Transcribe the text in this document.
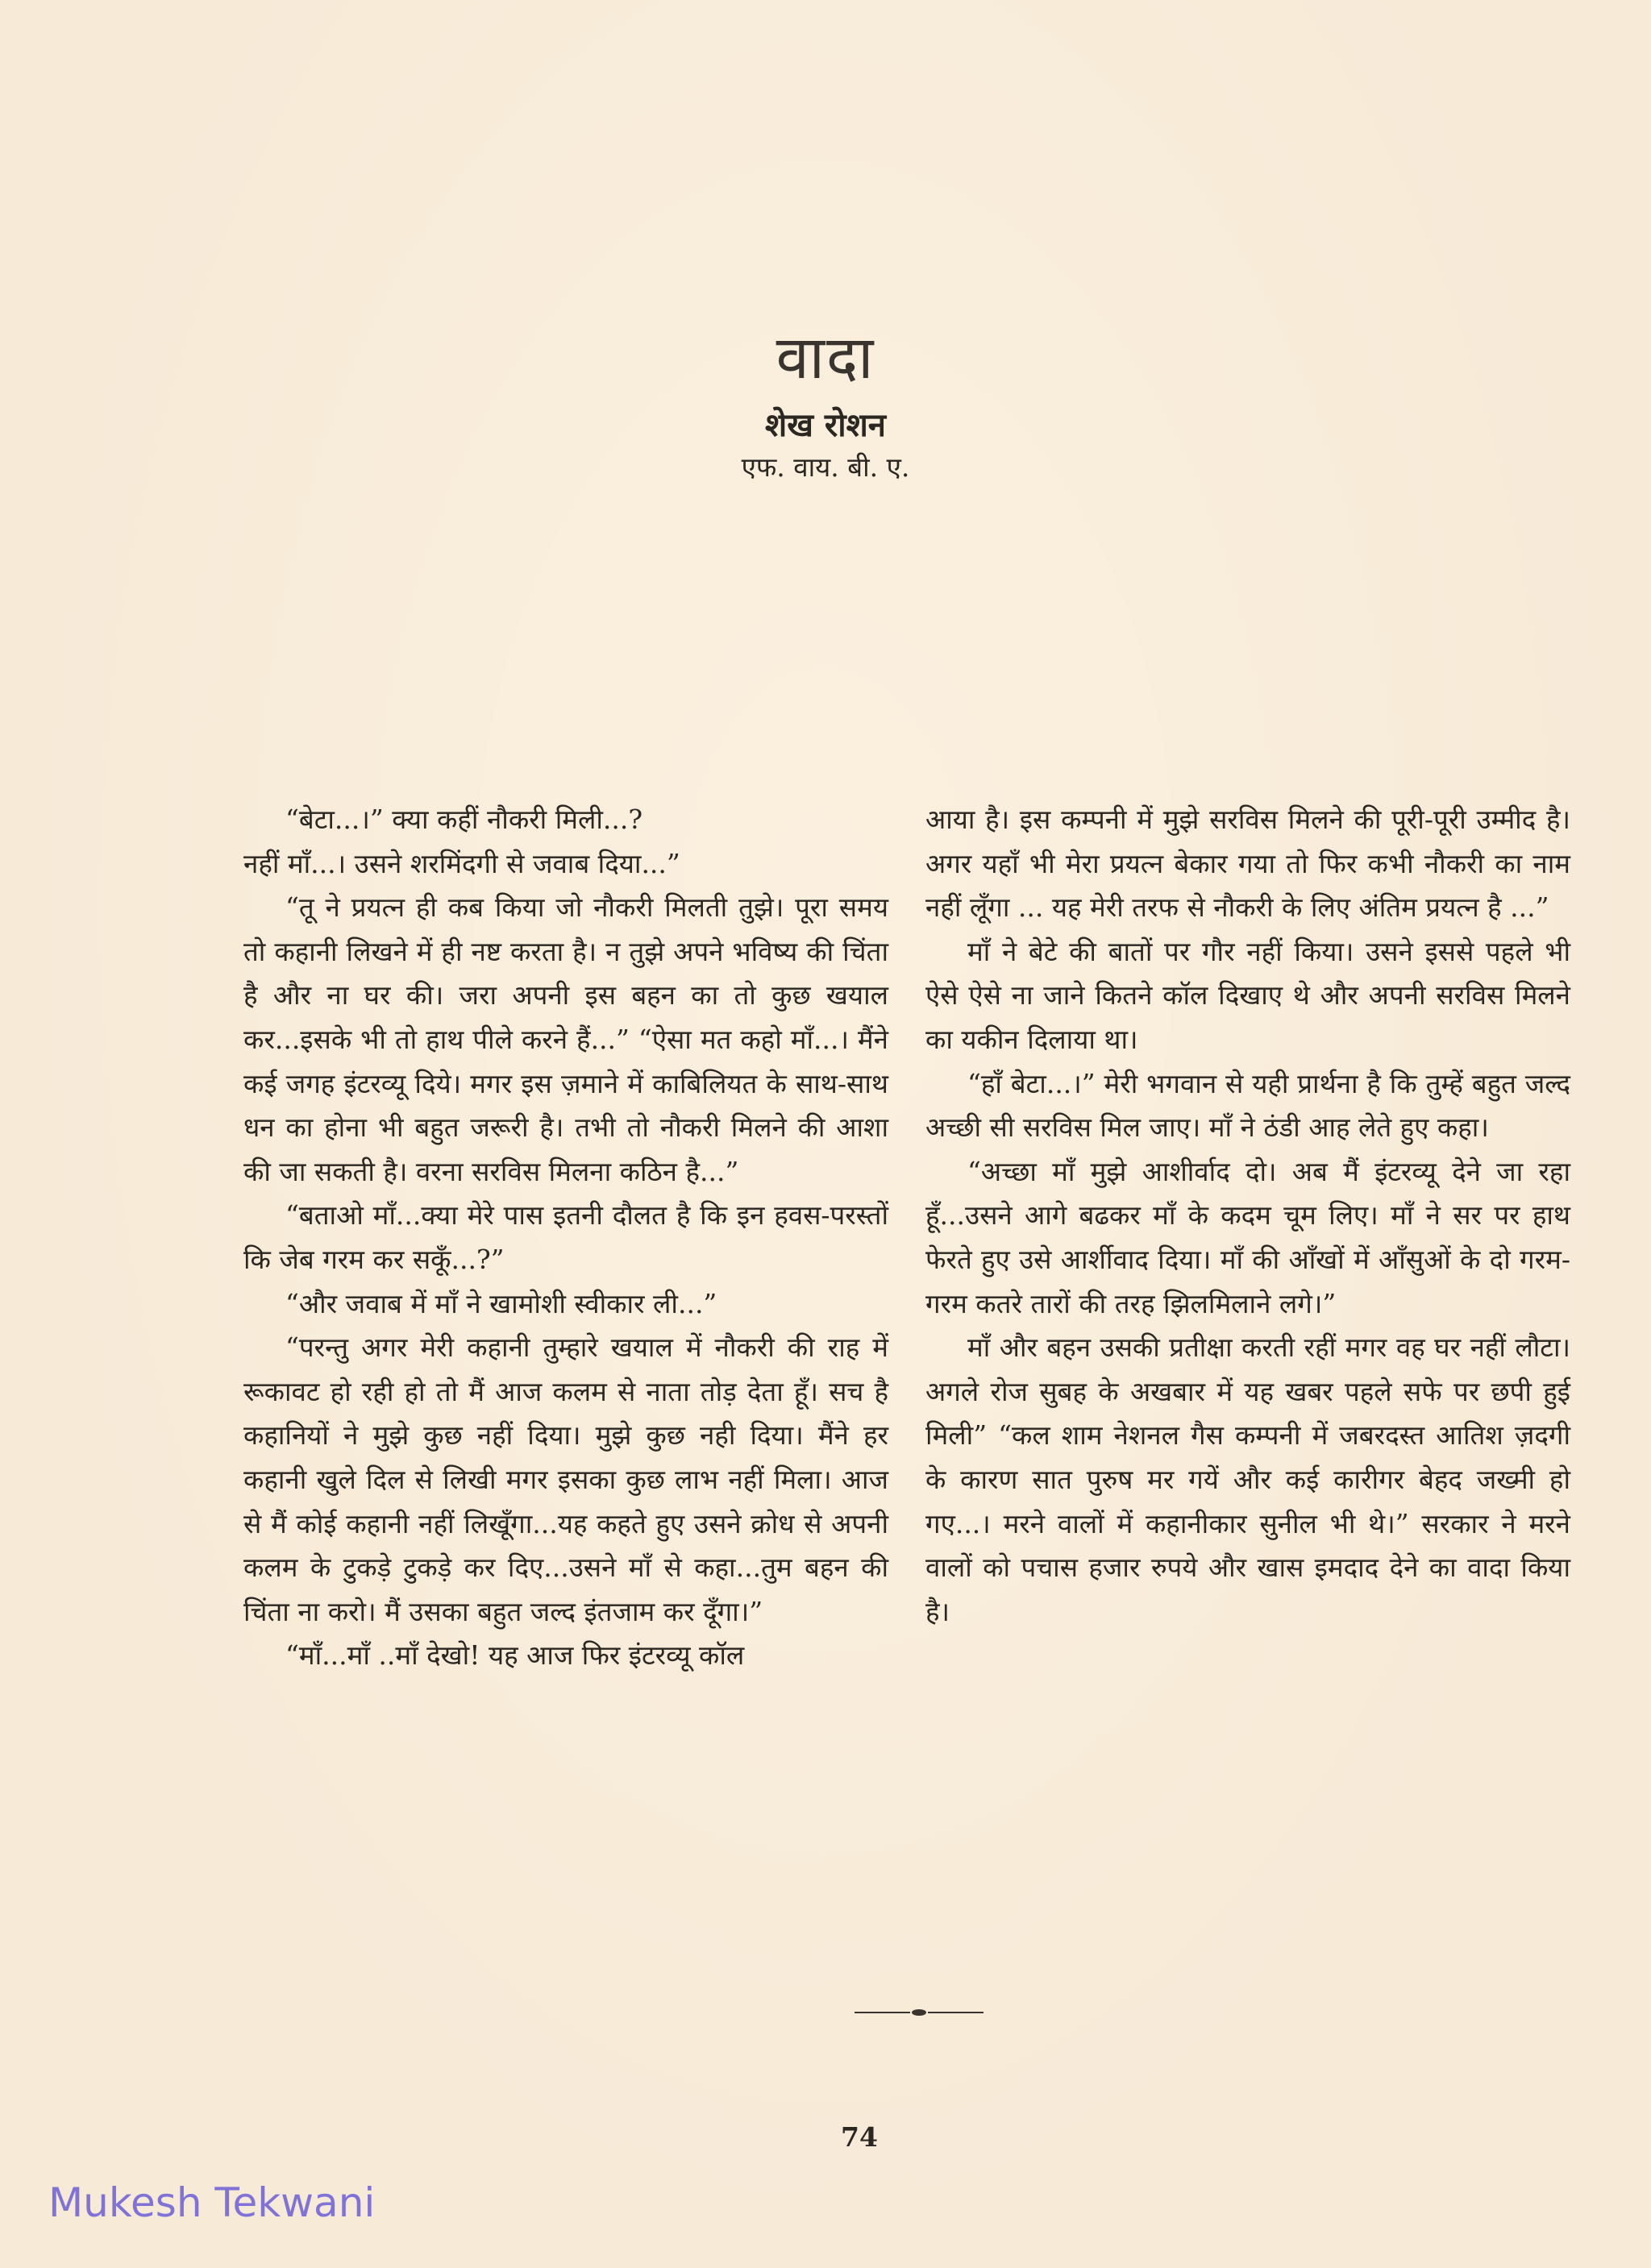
वादा
शेख रोशन
एफ. वाय. बी. ए.

“बेटा...।” क्या कहीं नौकरी मिली...?

नहीं माँ...। उसने शरमिंदगी से जवाब दिया...”

“तू ने प्रयत्न ही कब किया जो नौकरी मिलती तुझे। पूरा समय तो कहानी लिखने में ही नष्ट करता है। न तुझे अपने भविष्य की चिंता है और ना घर की। जरा अपनी इस बहन का तो कुछ खयाल कर...इसके भी तो हाथ पीले करने हैं...” “ऐसा मत कहो माँ...। मैंने कई जगह इंटरव्यू दिये। मगर इस ज़माने में काबिलियत के साथ-साथ धन का होना भी बहुत जरूरी है। तभी तो नौकरी मिलने की आशा की जा सकती है। वरना सरविस मिलना कठिन है...”

“बताओ माँ...क्या मेरे पास इतनी दौलत है कि इन हवस-परस्तों कि जेब गरम कर सकूँ...?”

“और जवाब में माँ ने खामोशी स्वीकार ली...”

“परन्तु अगर मेरी कहानी तुम्हारे खयाल में नौकरी की राह में रूकावट हो रही हो तो मैं आज कलम से नाता तोड़ देता हूँ। सच है कहानियों ने मुझे कुछ नहीं दिया। मुझे कुछ नही दिया। मैंने हर कहानी खुले दिल से लिखी मगर इसका कुछ लाभ नहीं मिला। आज से मैं कोई कहानी नहीं लिखूँगा...यह कहते हुए उसने क्रोध से अपनी कलम के टुकड़े टुकड़े कर दिए...उसने माँ से कहा...तुम बहन की चिंता ना करो। मैं उसका बहुत जल्द इंतजाम कर दूँगा।”

“माँ...माँ ..माँ देखो! यह आज फिर इंटरव्यू कॉल

आया है। इस कम्पनी में मुझे सरविस मिलने की पूरी-पूरी उम्मीद है। अगर यहाँ भी मेरा प्रयत्न बेकार गया तो फिर कभी नौकरी का नाम नहीं लूँगा ... यह मेरी तरफ से नौकरी के लिए अंतिम प्रयत्न है ...”

माँ ने बेटे की बातों पर गौर नहीं किया। उसने इससे पहले भी ऐसे ऐसे ना जाने कितने कॉल दिखाए थे और अपनी सरविस मिलने का यकीन दिलाया था।

“हाँ बेटा...।” मेरी भगवान से यही प्रार्थना है कि तुम्हें बहुत जल्द अच्छी सी सरविस मिल जाए। माँ ने ठंडी आह लेते हुए कहा।

“अच्छा माँ मुझे आशीर्वाद दो। अब मैं इंटरव्यू देने जा रहा हूँ...उसने आगे बढकर माँ के कदम चूम लिए। माँ ने सर पर हाथ फेरते हुए उसे आर्शीवाद दिया। माँ की आँखों में आँसुओं के दो गरम-गरम कतरे तारों की तरह झिलमिलाने लगे।”

माँ और बहन उसकी प्रतीक्षा करती रहीं मगर वह घर नहीं लौटा। अगले रोज सुबह के अखबार में यह खबर पहले सफे पर छपी हुई मिली” “कल शाम नेशनल गैस कम्पनी में जबरदस्त आतिश ज़दगी के कारण सात पुरुष मर गयें और कई कारीगर बेहद जख्मी हो गए...। मरने वालों में कहानीकार सुनील भी थे।” सरकार ने मरने वालों को पचास हजार रुपये और खास इमदाद देने का वादा किया है।

74
Mukesh Tekwani
